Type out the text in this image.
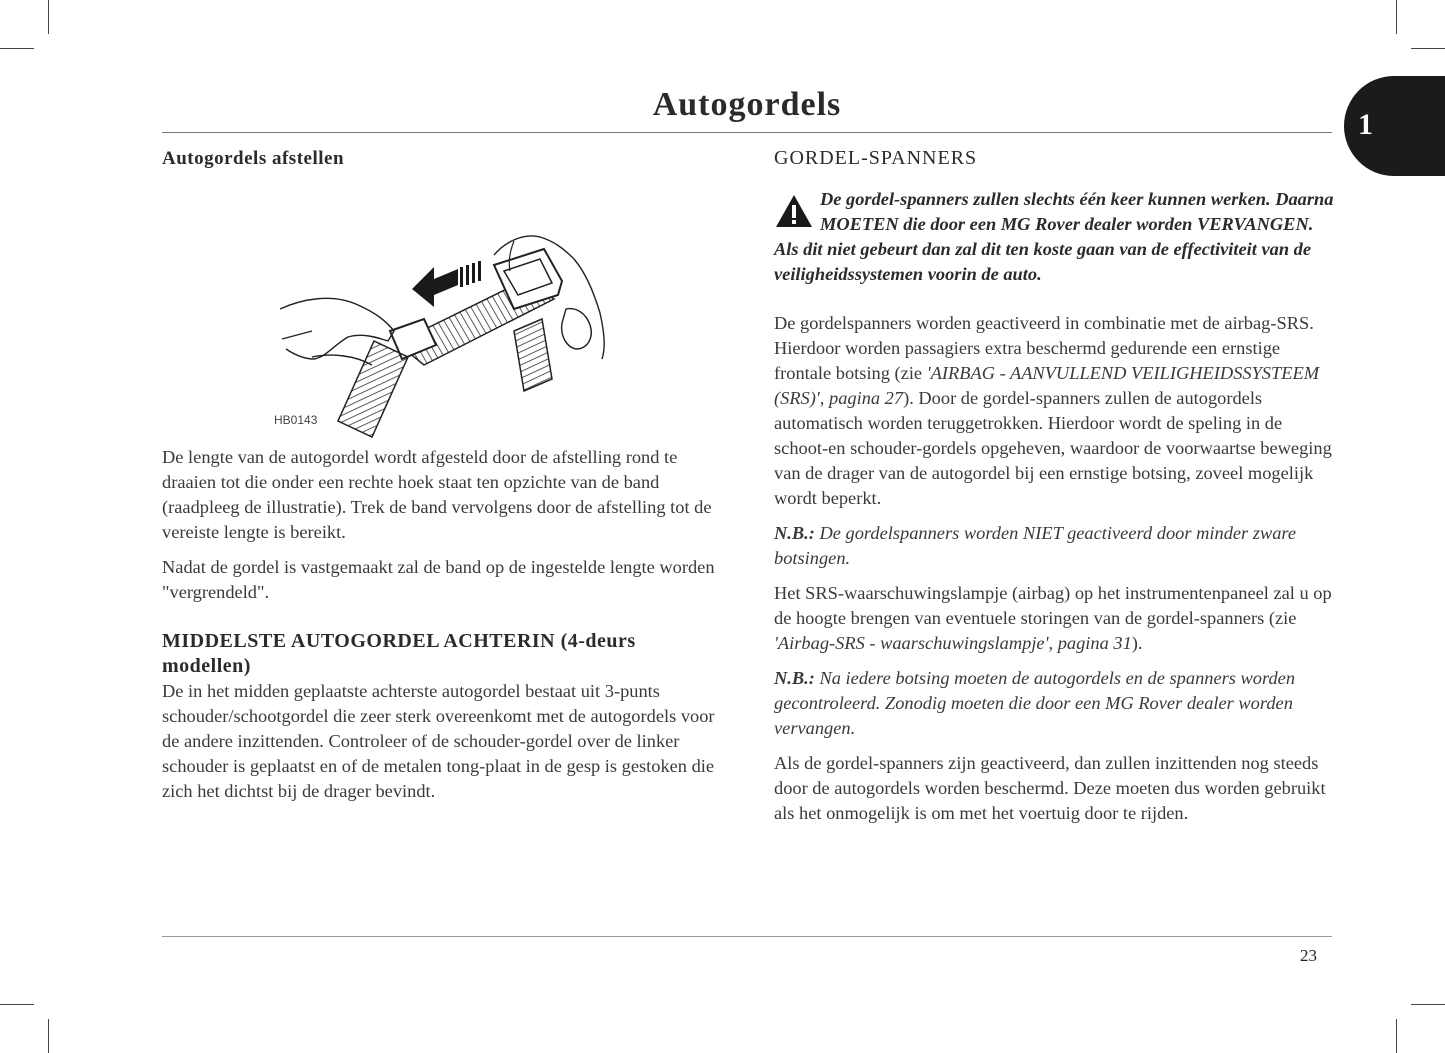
Autogordels
1
Autogordels afstellen
HB0143

De lengte van de autogordel wordt afgesteld door de afstelling rond te draaien tot die onder een rechte hoek staat ten opzichte van de band (raadpleeg de illustratie). Trek de band vervolgens door de afstelling tot de vereiste lengte is bereikt.

Nadat de gordel is vastgemaakt zal de band op de ingestelde lengte worden "vergrendeld".

MIDDELSTE AUTOGORDEL ACHTERIN (4-deurs modellen)

De in het midden geplaatste achterste autogordel bestaat uit 3-punts schouder/schootgordel die zeer sterk overeenkomt met de autogordels voor de andere inzittenden. Controleer of de schouder-gordel over de linker schouder is geplaatst en of de metalen tong-plaat in de gesp is gestoken die zich het dichtst bij de drager bevindt.

GORDEL-SPANNERS
De gordel-spanners zullen slechts één keer kunnen werken. Daarna MOETEN die door een MG Rover dealer worden VERVANGEN. Als dit niet gebeurt dan zal dit ten koste gaan van de effectiviteit van de veiligheidssystemen voorin de auto.

De gordelspanners worden geactiveerd in combinatie met de airbag-SRS. Hierdoor worden passagiers extra beschermd gedurende een ernstige frontale botsing (zie 'AIRBAG - AANVULLEND VEILIGHEIDSSYSTEEM (SRS)', pagina 27). Door de gordel-spanners zullen de autogordels automatisch worden teruggetrokken. Hierdoor wordt de speling in de schoot-en schouder-gordels opgeheven, waardoor de voorwaartse beweging van de drager van de autogordel bij een ernstige botsing, zoveel mogelijk wordt beperkt.

N.B.: De gordelspanners worden NIET geactiveerd door minder zware botsingen.

Het SRS-waarschuwingslampje (airbag) op het instrumentenpaneel zal u op de hoogte brengen van eventuele storingen van de gordel-spanners (zie 'Airbag-SRS - waarschuwingslampje', pagina 31).

N.B.: Na iedere botsing moeten de autogordels en de spanners worden gecontroleerd. Zonodig moeten die door een MG Rover dealer worden vervangen.

Als de gordel-spanners zijn geactiveerd, dan zullen inzittenden nog steeds door de autogordels worden beschermd. Deze moeten dus worden gebruikt als het onmogelijk is om met het voertuig door te rijden.

23
